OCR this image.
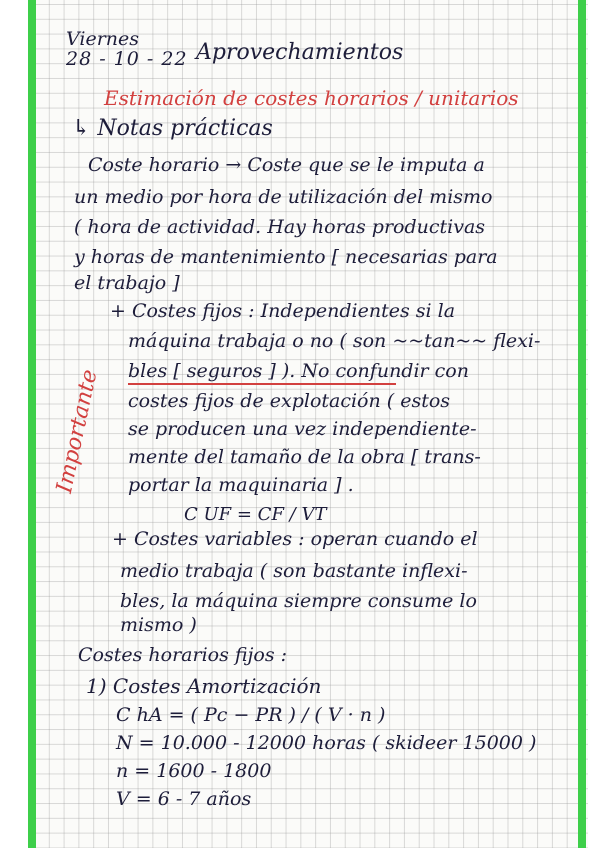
Viernes
28 - 10 - 22 Aprovechamientos
Estimación de costes horarios / unitarios
↳ Notas prácticas
Coste horario → Coste que se le imputa a
un medio por hora de utilización del mismo
( hora de actividad. Hay horas productivas
y horas de mantenimiento [ necesarias para
el trabajo ]
Importante
+ Costes fijos : Independientes si la
máquina trabaja o no ( son ~~tan~~ flexi-
bles [ seguros ] ). No confundir con
costes fijos de explotación ( estos
se producen una vez independiente-
mente del tamaño de la obra [ trans-
portar la maquinaria ] .
C UF = CF / VT
+ Costes variables : operan cuando el
medio trabaja ( son bastante inflexi-
bles, la máquina siempre consume lo
mismo )
Costes horarios fijos :
1) Costes Amortización
C hA = ( Pc − PR ) / ( V · n )
N = 10.000 - 12000 horas ( skideer 15000 )
n = 1600 - 1800
V = 6 - 7 años
